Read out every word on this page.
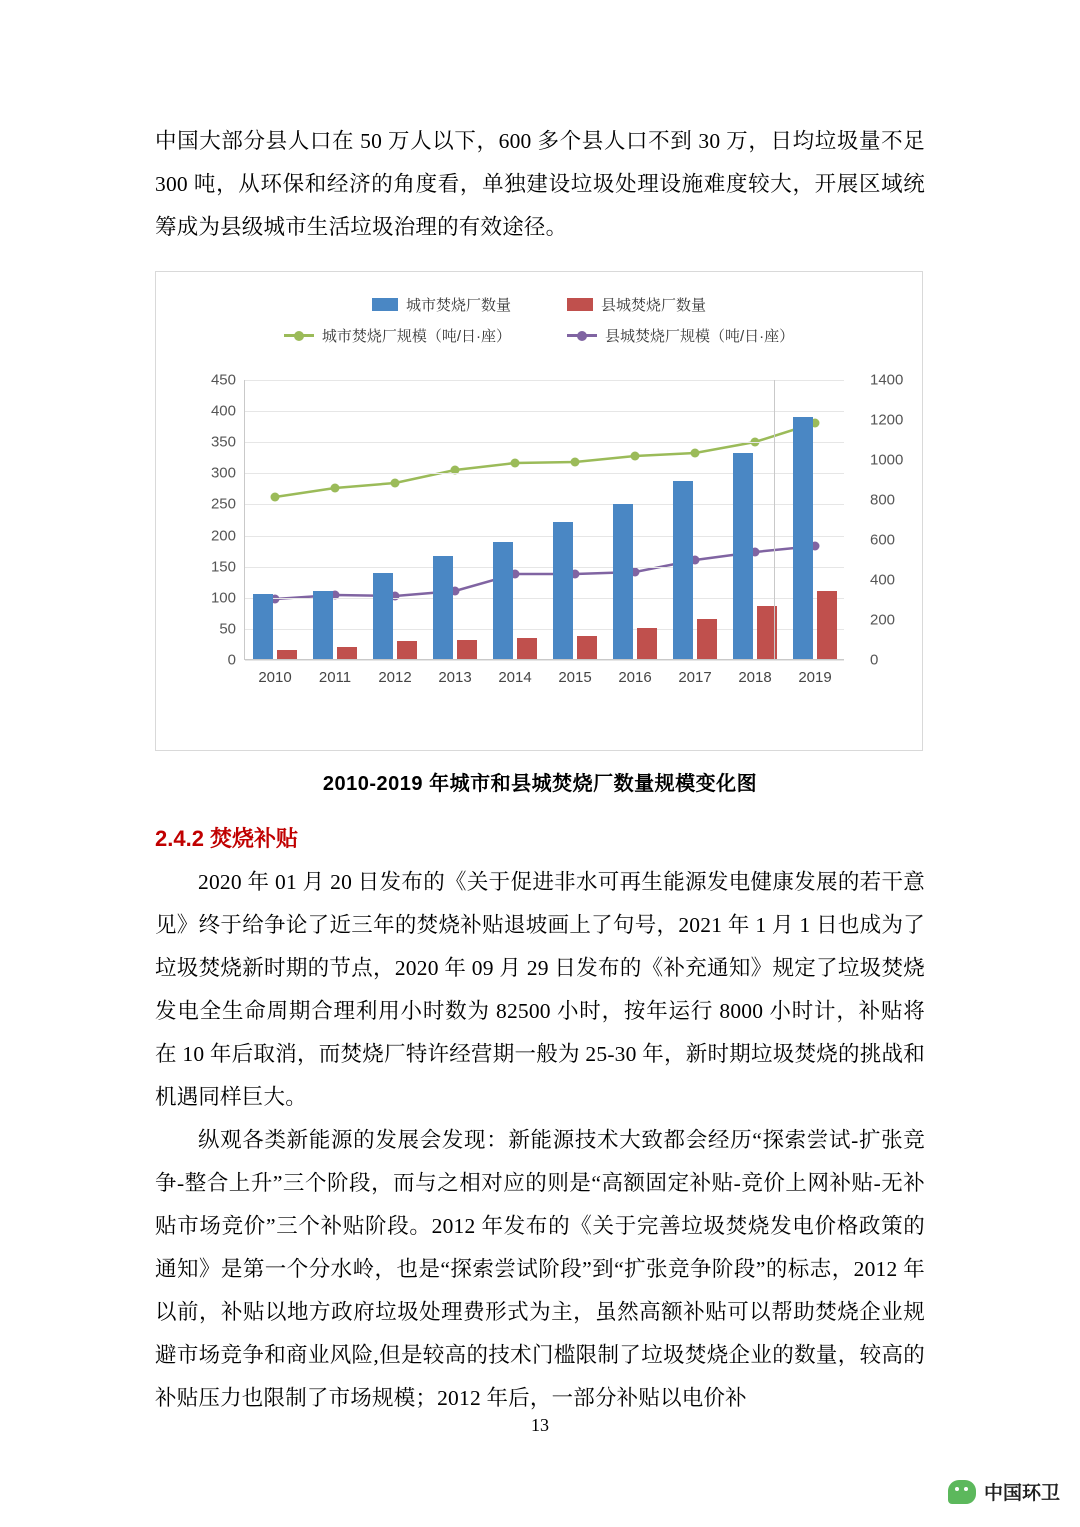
中国大部分县人口在 50 万人以下，600 多个县人口不到 30 万，日均垃圾量不足 300 吨，从环保和经济的角度看，单独建设垃圾处理设施难度较大，开展区域统筹成为县级城市生活垃圾治理的有效途径。

城市焚烧厂数量	县城焚烧厂数量
城市焚烧厂规模（吨/日·座）	县城焚烧厂规模（吨/日·座）
0
50
100
150
200
250
300
350
400
450
0
200
400
600
800
1000
1200
1400
2010 2011 2012 2013 2014 2015 2016 2017 2018 2019
2010-2019 年城市和县城焚烧厂数量规模变化图
2.4.2 焚烧补贴

2020 年 01 月 20 日发布的《关于促进非水可再生能源发电健康发展的若干意见》终于给争论了近三年的焚烧补贴退坡画上了句号，2021 年 1 月 1 日也成为了垃圾焚烧新时期的节点，2020 年 09 月 29 日发布的《补充通知》规定了垃圾焚烧发电全生命周期合理利用小时数为 82500 小时，按年运行 8000 小时计，补贴将在 10 年后取消，而焚烧厂特许经营期一般为 25-30 年，新时期垃圾焚烧的挑战和机遇同样巨大。

纵观各类新能源的发展会发现：新能源技术大致都会经历“探索尝试-扩张竞争-整合上升”三个阶段，而与之相对应的则是“高额固定补贴-竞价上网补贴-无补贴市场竞价”三个补贴阶段。2012 年发布的《关于完善垃圾焚烧发电价格政策的通知》是第一个分水岭，也是“探索尝试阶段”到“扩张竞争阶段”的标志，2012 年以前，补贴以地方政府垃圾处理费形式为主，虽然高额补贴可以帮助焚烧企业规避市场竞争和商业风险,但是较高的技术门槛限制了垃圾焚烧企业的数量，较高的补贴压力也限制了市场规模；2012 年后，一部分补贴以电价补

13
中国环卫
